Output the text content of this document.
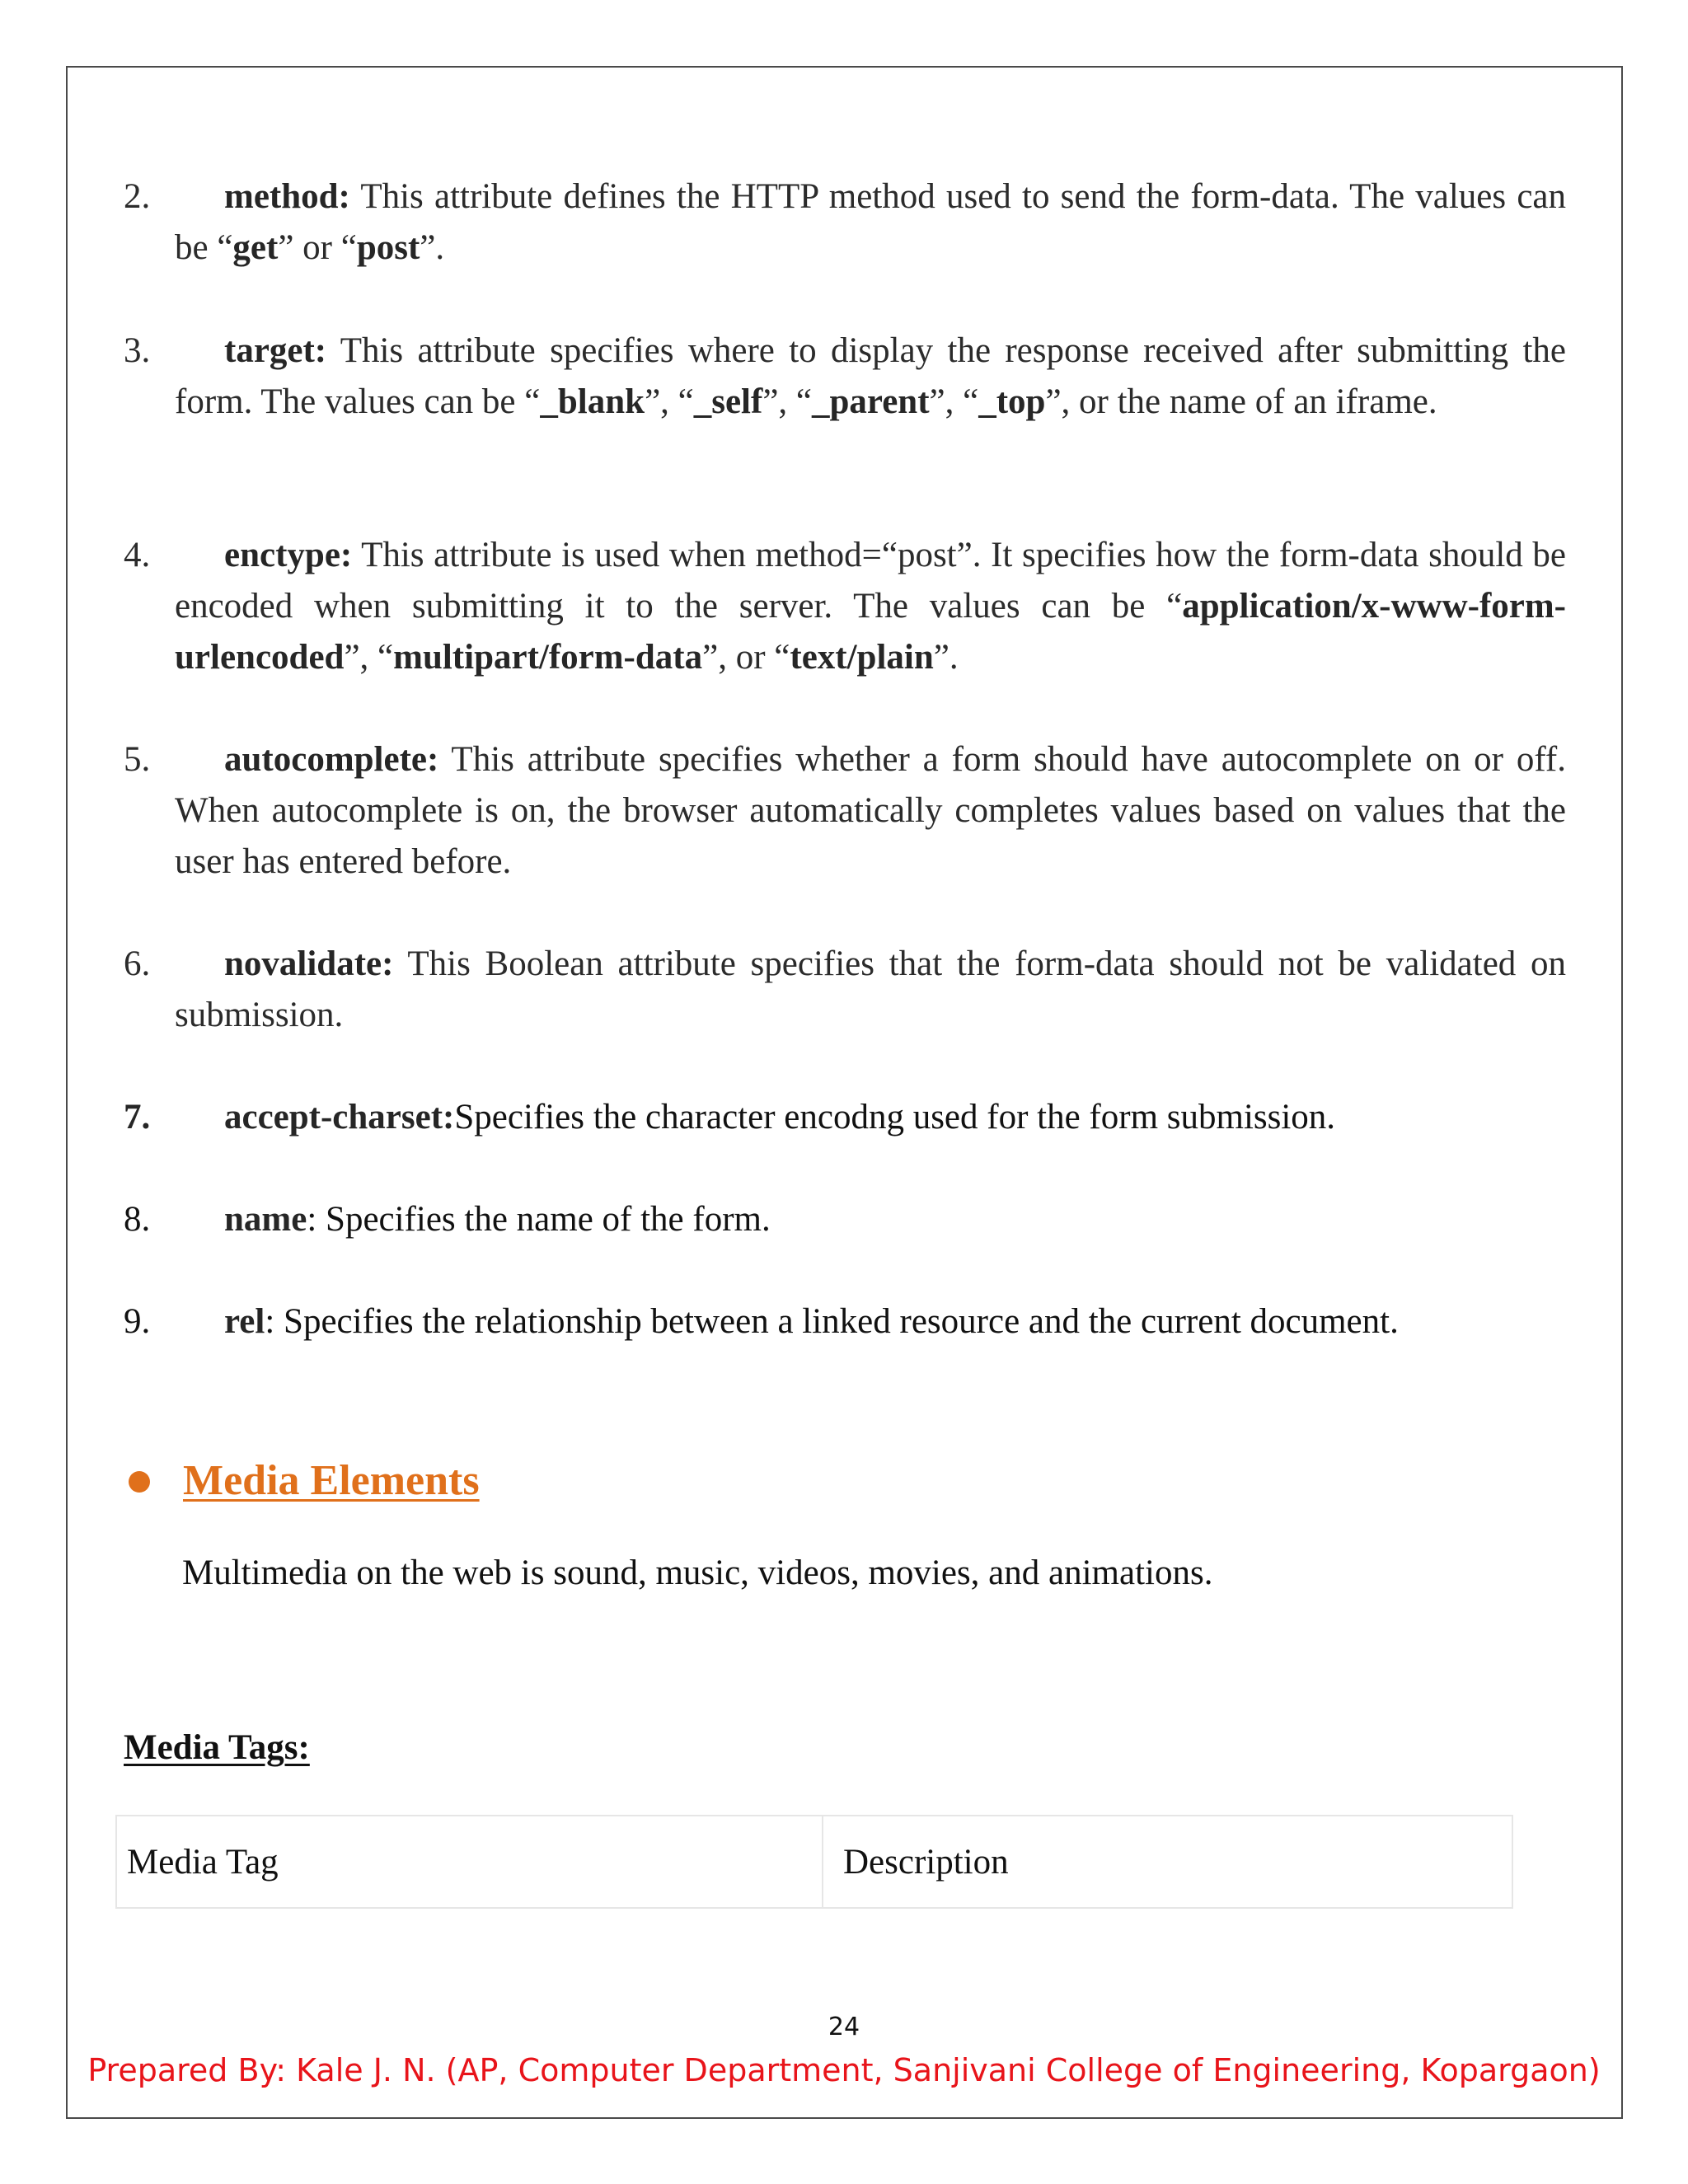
2.	method: This attribute defines the HTTP method used to send the form-data. The values can be “get” or “post”.
3.	target: This attribute specifies where to display the response received after submitting the form. The values can be “_blank”, “_self”, “_parent”, “_top”, or the name of an iframe.
4.	enctype: This attribute is used when method=“post”. It specifies how the form-data should be encoded when submitting it to the server. The values can be “application/x-www-form-urlencoded”, “multipart/form-data”, or “text/plain”.
5.	autocomplete: This attribute specifies whether a form should have autocomplete on or off. When autocomplete is on, the browser automatically completes values based on values that the user has entered before.
6.	novalidate: This Boolean attribute specifies that the form-data should not be validated on submission.
7.	accept-charset:Specifies the character encodng used for the form submission.
8.	name: Specifies the name of the form.
9.	rel: Specifies the relationship between a linked resource and the current document.
Media Elements
Multimedia on the web is sound, music, videos, movies, and animations.
Media Tags:
Media Tag	Description
24
Prepared By: Kale J. N. (AP, Computer Department, Sanjivani College of Engineering, Kopargaon)
